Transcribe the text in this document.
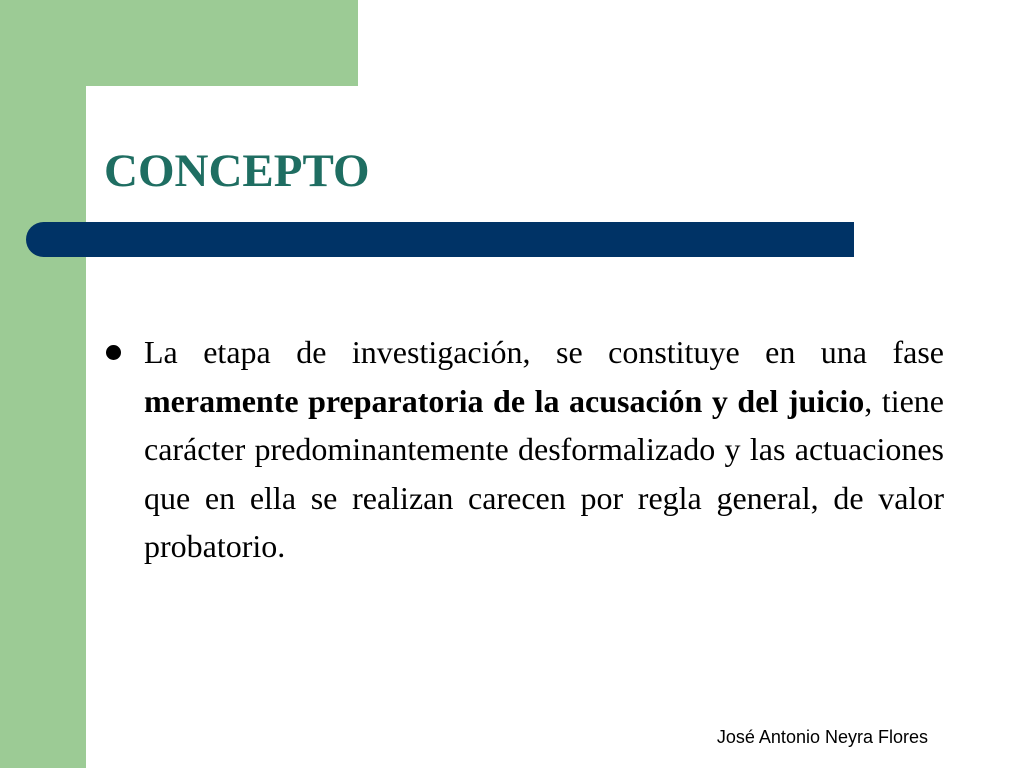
CONCEPTO

La etapa de investigación, se constituye en una fase meramente preparatoria de la acusación y del juicio, tiene carácter predominantemente desformalizado y las actuaciones que en ella se realizan carecen por regla general, de valor probatorio.

José Antonio Neyra Flores
